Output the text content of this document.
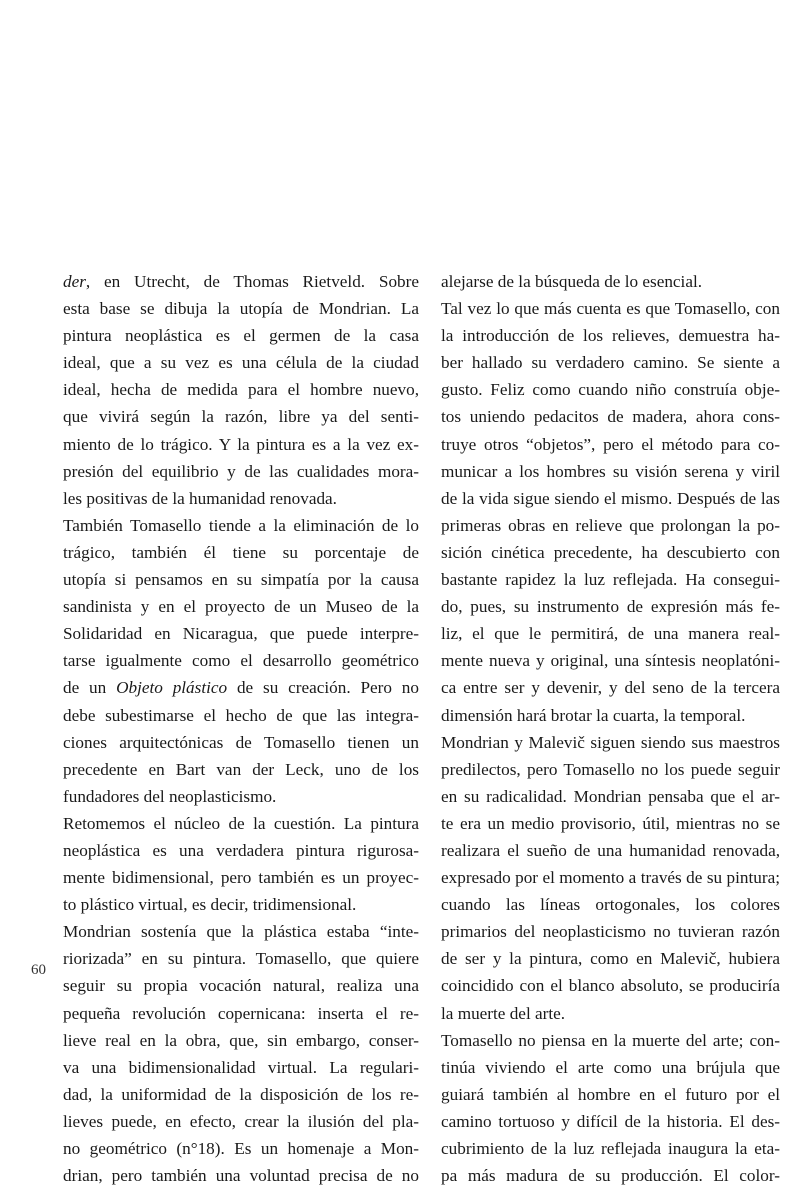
der, en Utrecht, de Thomas Rietveld. Sobre
esta base se dibuja la utopía de Mondrian. La
pintura neoplástica es el germen de la casa
ideal, que a su vez es una célula de la ciudad
ideal, hecha de medida para el hombre nuevo,
que vivirá según la razón, libre ya del senti-
miento de lo trágico. Y la pintura es a la vez ex-
presión del equilibrio y de las cualidades mora-
les positivas de la humanidad renovada.
También Tomasello tiende a la eliminación de lo
trágico, también él tiene su porcentaje de
utopía si pensamos en su simpatía por la causa
sandinista y en el proyecto de un Museo de la
Solidaridad en Nicaragua, que puede interpre-
tarse igualmente como el desarrollo geométrico
de un Objeto plástico de su creación. Pero no
debe subestimarse el hecho de que las integra-
ciones arquitectónicas de Tomasello tienen un
precedente en Bart van der Leck, uno de los
fundadores del neoplasticismo.
Retomemos el núcleo de la cuestión. La pintura
neoplástica es una verdadera pintura rigurosa-
mente bidimensional, pero también es un proyec-
to plástico virtual, es decir, tridimensional.
Mondrian sostenía que la plástica estaba “inte-
riorizada” en su pintura. Tomasello, que quiere
seguir su propia vocación natural, realiza una
pequeña revolución copernicana: inserta el re-
lieve real en la obra, que, sin embargo, conser-
va una bidimensionalidad virtual. La regulari-
dad, la uniformidad de la disposición de los re-
lieves puede, en efecto, crear la ilusión del pla-
no geométrico (n°18). Es un homenaje a Mon-
drian, pero también una voluntad precisa de no
alejarse de la búsqueda de lo esencial.
Tal vez lo que más cuenta es que Tomasello, con
la introducción de los relieves, demuestra ha-
ber hallado su verdadero camino. Se siente a
gusto. Feliz como cuando niño construía objе-
tos uniendo pedacitos de madera, ahora cons-
truye otros “objetos”, pero el método para co-
municar a los hombres su visión serena y viril
de la vida sigue siendo el mismo. Después de las
primeras obras en relieve que prolongan la po-
sición cinética precedente, ha descubierto con
bastante rapidez la luz reflejada. Ha consegui-
do, pues, su instrumento de expresión más fe-
liz, el que le permitirá, de una manera real-
mente nueva y original, una síntesis neoplatóni-
ca entre ser y devenir, y del seno de la tercera
dimensión hará brotar la cuarta, la temporal.
Mondrian y Malevič siguen siendo sus maestros
predilectos, pero Tomasello no los puede seguir
en su radicalidad. Mondrian pensaba que el ar-
te era un medio provisorio, útil, mientras no se
realizara el sueño de una humanidad renovada,
expresado por el momento a través de su pintura;
cuando las líneas ortogonales, los colores
primarios del neoplasticismo no tuvieran razón
de ser y la pintura, como en Malevič, hubiera
coincidido con el blanco absoluto, se produciría
la muerte del arte.
Tomasello no piensa en la muerte del arte; con-
tinúa viviendo el arte como una brújula que
guiará también al hombre en el futuro por el
camino tortuoso y difícil de la historia. El des-
cubrimiento de la luz reflejada inaugura la eta-
pa más madura de su producción. El color-
60
